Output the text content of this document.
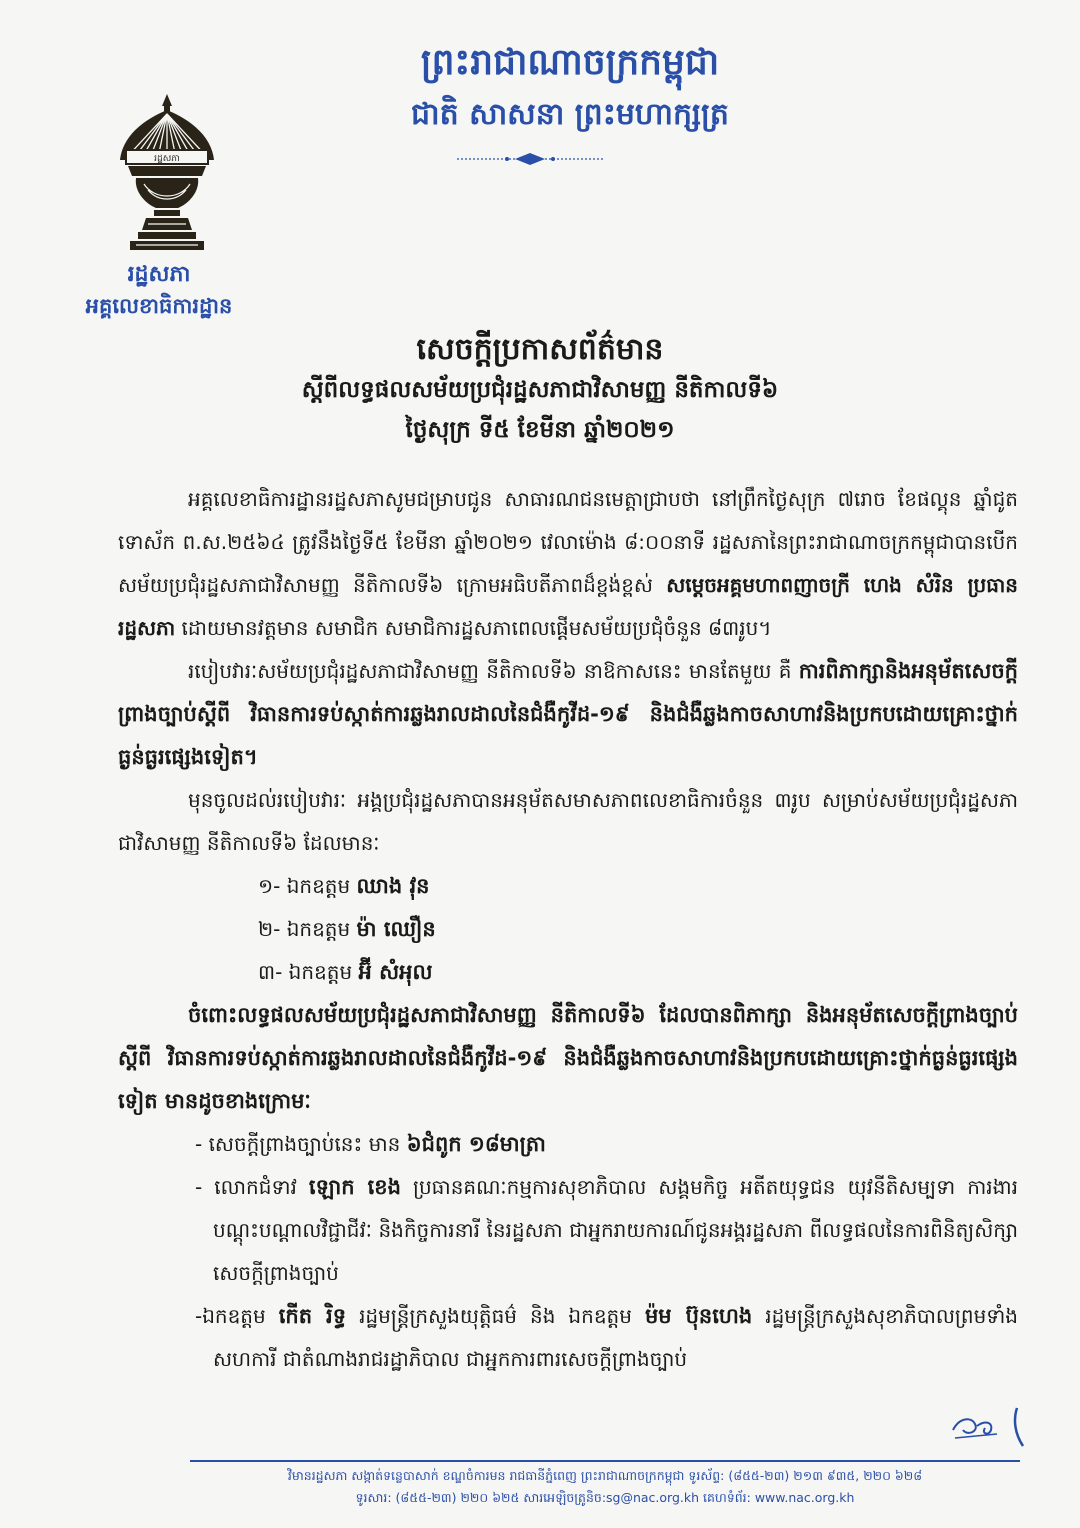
រដ្ឋសភា
ព្រះរាជាណាចក្រកម្ពុជា
ជាតិ សាសនា ព្រះមហាក្សត្រ
រដ្ឋសភា
អគ្គលេខាធិការដ្ឋាន
សេចក្តីប្រកាសព័ត៌មាន
ស្តីពីលទ្ធផលសម័យប្រជុំរដ្ឋសភាជាវិសាមញ្ញ នីតិកាលទី៦
ថ្ងៃសុក្រ ទី៥ ខែមីនា ឆ្នាំ២០២១

អគ្គលេខាធិការដ្ឋានរដ្ឋសភាសូមជម្រាបជូន សាធារណជនមេត្តាជ្រាបថា នៅព្រឹកថ្ងៃសុក្រ ៧រោច ខែផល្គុន ឆ្នាំជូត ទោស័ក ព.ស.២៥៦៤ ត្រូវនឹងថ្ងៃទី៥ ខែមីនា ឆ្នាំ២០២១ វេលាម៉ោង ៨:០០នាទី រដ្ឋសភានៃព្រះរាជាណាចក្រកម្ពុជាបានបើកសម័យប្រជុំរដ្ឋសភាជាវិសាមញ្ញ នីតិកាលទី៦ ក្រោមអធិបតីភាពដ៏ខ្ពង់ខ្ពស់ សម្តេចអគ្គមហាពញាចក្រី ហេង សំរិន ប្រធានរដ្ឋសភា ដោយមានវត្តមាន សមាជិក សមាជិការដ្ឋសភាពេលផ្តើមសម័យប្រជុំចំនួន ៨៣រូប។

របៀបវារៈសម័យប្រជុំរដ្ឋសភាជាវិសាមញ្ញ នីតិកាលទី៦ នាឱកាសនេះ មានតែមួយ គឺ ការពិភាក្សានិងអនុម័តសេចក្តីព្រាងច្បាប់ស្តីពី វិធានការទប់ស្កាត់ការឆ្លងរាលដាលនៃជំងឺកូវីដ-១៩ និងជំងឺឆ្លងកាចសាហាវនិងប្រកបដោយគ្រោះថ្នាក់ធ្ងន់ធ្ងរផ្សេងទៀត។

មុនចូលដល់របៀបវារៈ អង្គប្រជុំរដ្ឋសភាបានអនុម័តសមាសភាពលេខាធិការចំនួន ៣រូប សម្រាប់សម័យប្រជុំរដ្ឋសភាជាវិសាមញ្ញ នីតិកាលទី៦ ដែលមានៈ

១- ឯកឧត្តម ឈាង វុន

២- ឯកឧត្តម ម៉ា ឈឿន

៣- ឯកឧត្តម អ៊ី សំអុល

ចំពោះលទ្ធផលសម័យប្រជុំរដ្ឋសភាជាវិសាមញ្ញ នីតិកាលទី៦ ដែលបានពិភាក្សា និងអនុម័តសេចក្តីព្រាងច្បាប់ស្តីពី វិធានការទប់ស្កាត់ការឆ្លងរាលដាលនៃជំងឺកូវីដ-១៩ និងជំងឺឆ្លងកាចសាហាវនិងប្រកបដោយគ្រោះថ្នាក់ធ្ងន់ធ្ងរផ្សេងទៀត មានដូចខាងក្រោមៈ

- សេចក្តីព្រាងច្បាប់នេះ មាន ៦ជំពូក ១៨មាត្រា

- លោកជំទាវ ឡោក ខេង ប្រធានគណៈកម្មការសុខាភិបាល សង្គមកិច្ច អតីតយុទ្ធជន យុវនីតិសម្បទា ការងារ បណ្តុះបណ្តាលវិជ្ជាជីវៈ និងកិច្ចការនារី នៃរដ្ឋសភា ជាអ្នករាយការណ៍ជូនអង្គរដ្ឋសភា ពីលទ្ធផលនៃការពិនិត្យសិក្សា សេចក្តីព្រាងច្បាប់

-ឯកឧត្តម កើត រិទ្ធ រដ្ឋមន្ត្រីក្រសួងយុត្តិធម៌ និង ឯកឧត្តម ម៉ម ប៊ុនហេង រដ្ឋមន្ត្រីក្រសួងសុខាភិបាលព្រមទាំងសហការី ជាតំណាងរាជរដ្ឋាភិបាល ជាអ្នកការពារសេចក្តីព្រាងច្បាប់

វិមានរដ្ឋសភា សង្កាត់ទន្លេបាសាក់ ខណ្ឌចំការមន រាជធានីភ្នំពេញ ព្រះរាជាណាចក្រកម្ពុជា ទូរស័ព្ទ: (៨៥៥-២៣) ២១៣ ៩៣៥, ២២០ ៦២៨
ទូរសារ: (៨៥៥-២៣) ២២០ ៦២៥ សារអេឡិចត្រូនិច:sg@nac.org.kh គេហទំព័រ: www.nac.org.kh
